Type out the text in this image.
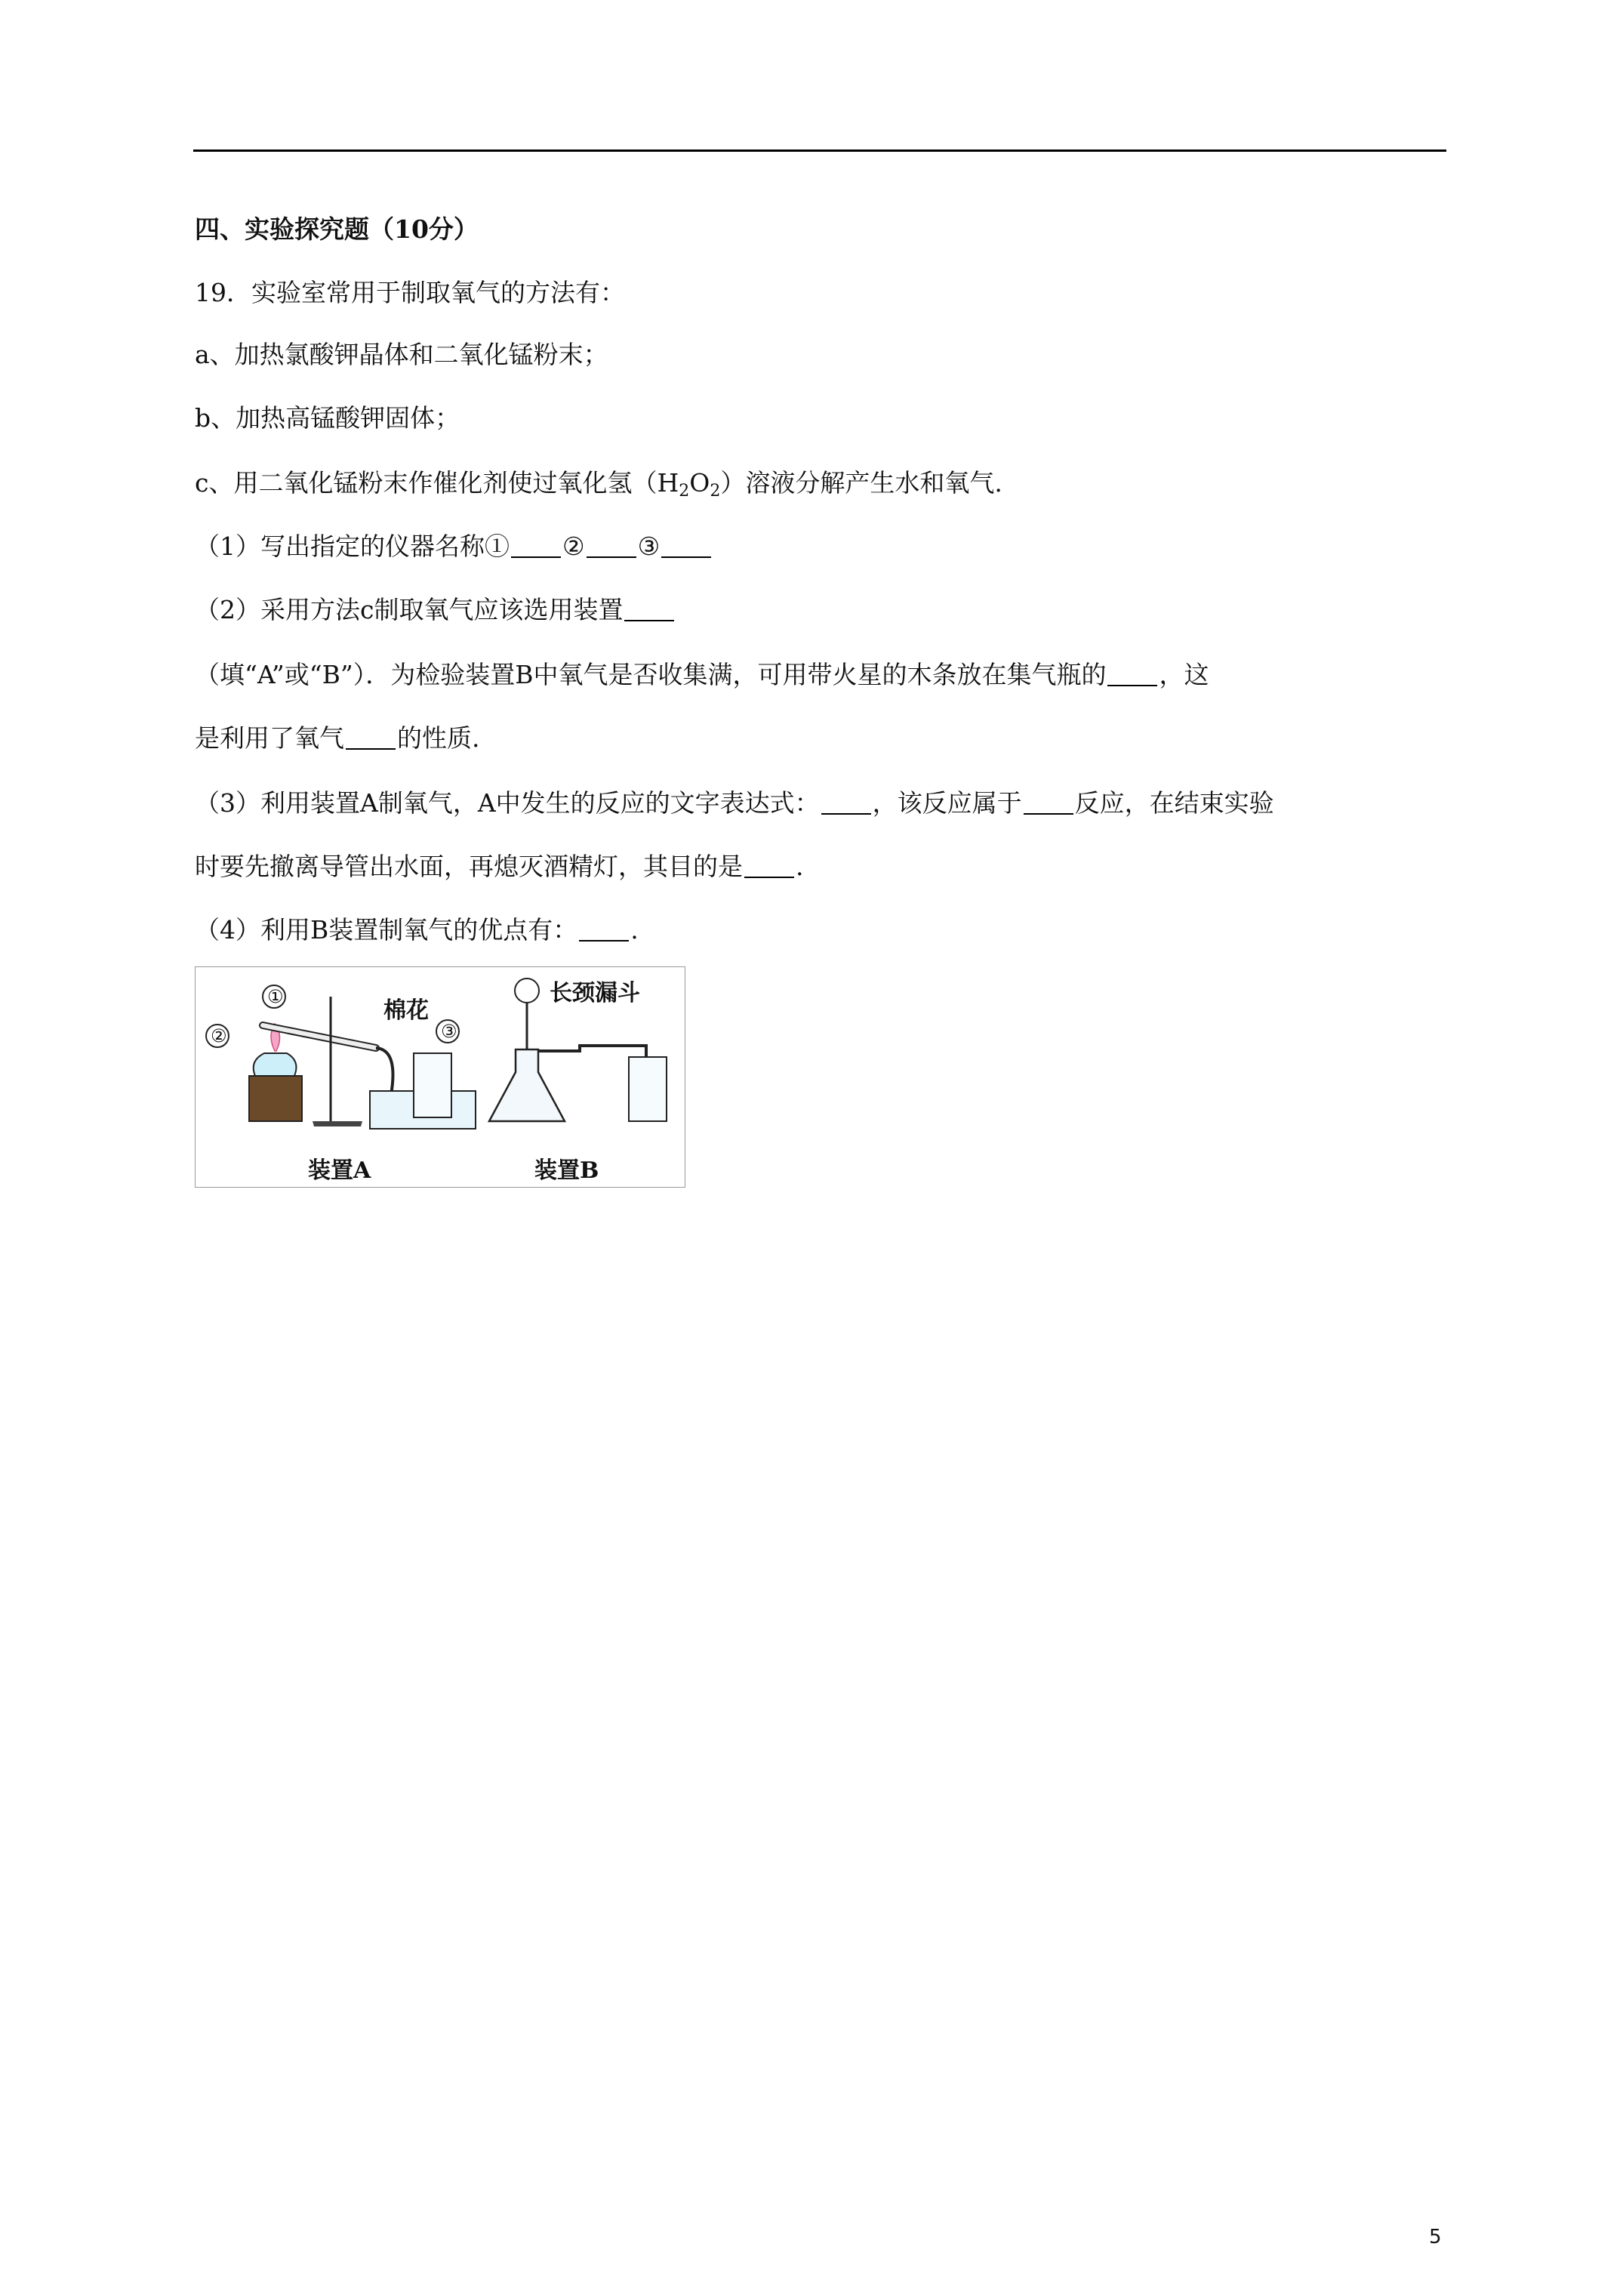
四、实验探究题（10分）
19．实验室常用于制取氧气的方法有：
a、加热氯酸钾晶体和二氧化锰粉末；
b、加热高锰酸钾固体；
c、用二氧化锰粉末作催化剂使过氧化氢$(H_2O_2)$溶液分解产生水和氧气.
（1）写出指定的仪器名称① ② ③
（2）采用方法c制取氧气应该选用装置
（填“A”或“B”）．为检验装置B中氧气是否收集满，可用带火星的木条放在集气瓶的 ，这
是利用了氧气 的性质.
（3）利用装置A制氧气，A中发生的反应的文字表达式： ，该反应属于 反应，在结束实验
时要先撤离导管出水面，再熄灭酒精灯，其目的是 .
（4）利用B装置制氧气的优点有： .
①
②	③
棉花
装置A
长颈漏斗
装置B
5
